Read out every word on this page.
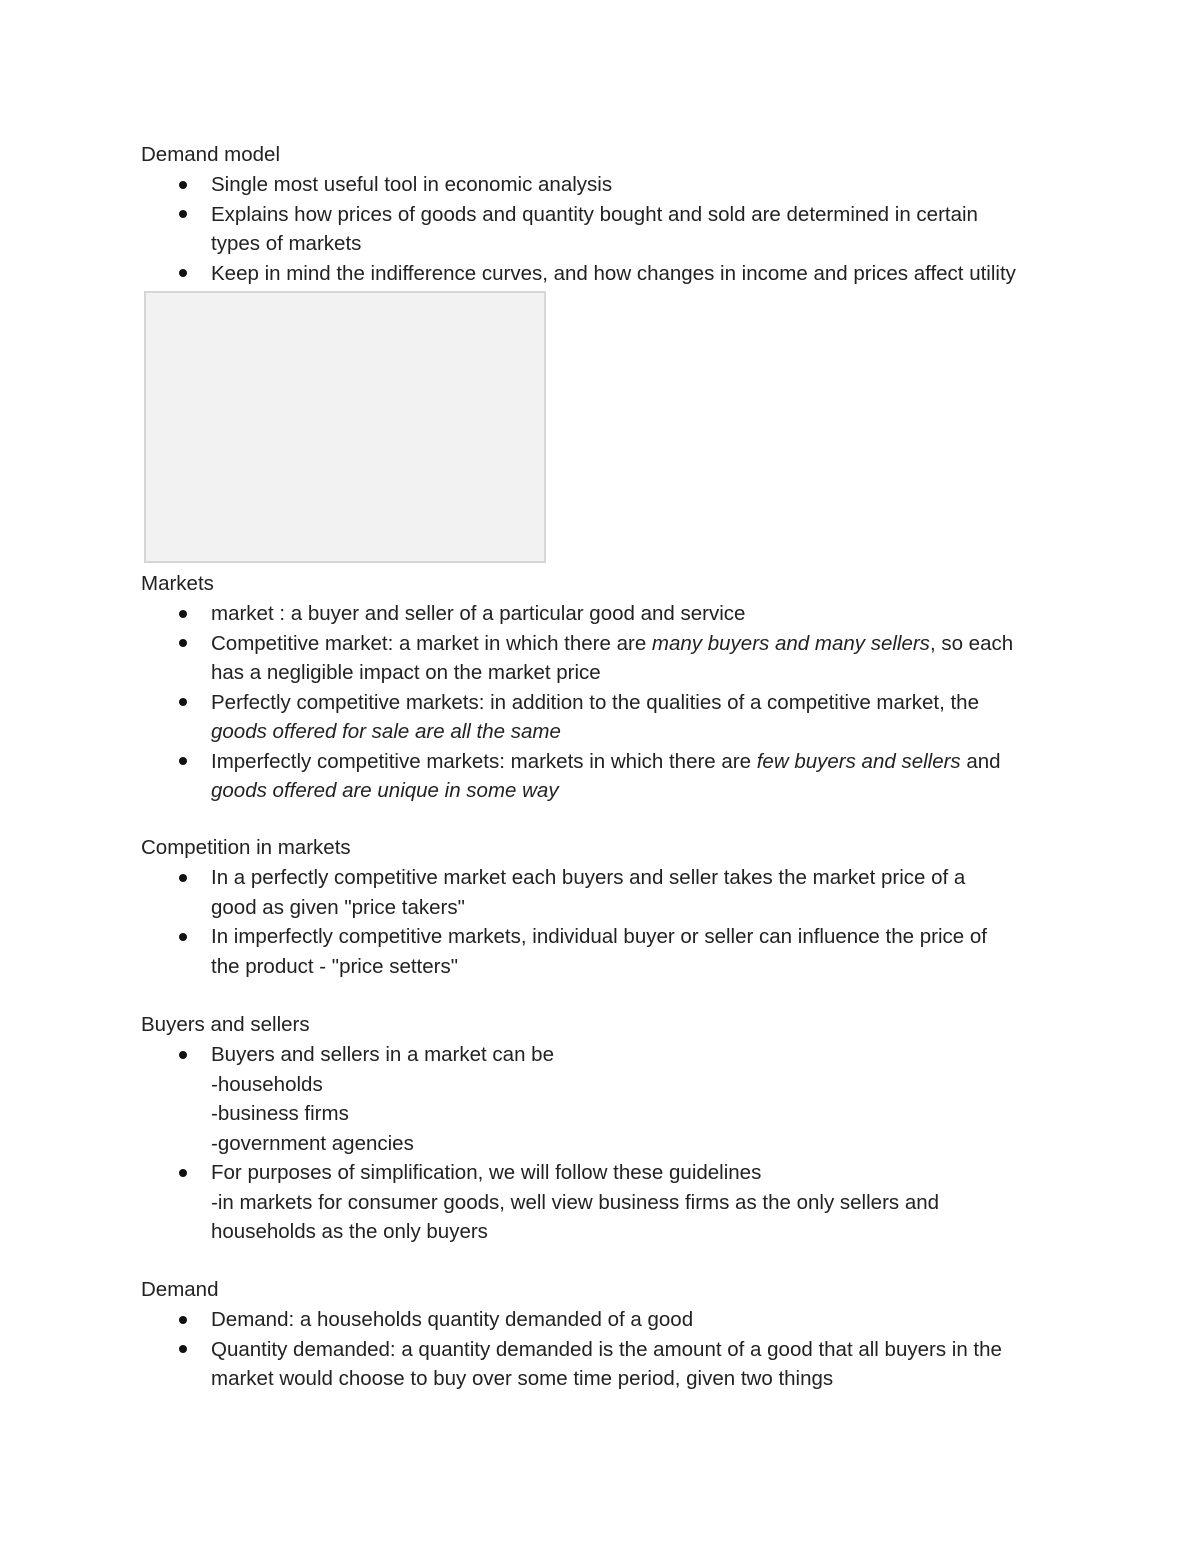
Demand model
Single most useful tool in economic analysis
Explains how prices of goods and quantity bought and sold are determined in certain
types of markets
Keep in mind the indifference curves, and how changes in income and prices affect utility
Markets
market : a buyer and seller of a particular good and service
Competitive market: a market in which there are many buyers and many sellers, so each
has a negligible impact on the market price
Perfectly competitive markets: in addition to the qualities of a competitive market, the
goods offered for sale are all the same
Imperfectly competitive markets: markets in which there are few buyers and sellers and
goods offered are unique in some way
Competition in markets
In a perfectly competitive market each buyers and seller takes the market price of a
good as given "price takers"
In imperfectly competitive markets, individual buyer or seller can influence the price of
the product - "price setters"
Buyers and sellers
Buyers and sellers in a market can be
-households
-business firms
-government agencies
For purposes of simplification, we will follow these guidelines
-in markets for consumer goods, well view business firms as the only sellers and
households as the only buyers
Demand
Demand: a households quantity demanded of a good
Quantity demanded: a quantity demanded is the amount of a good that all buyers in the
market would choose to buy over some time period, given two things
